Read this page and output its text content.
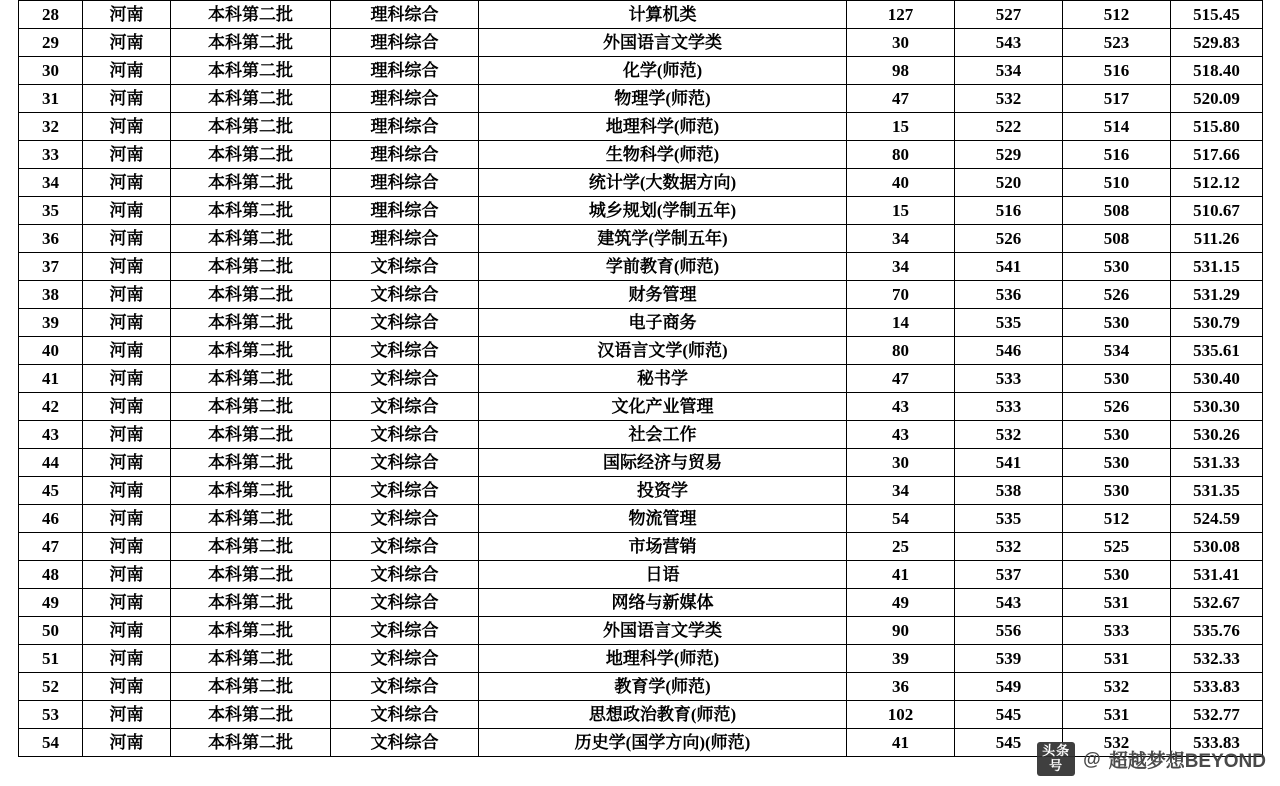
28	河南	本科第二批	理科综合	计算机类	127	527	512	515.45
29	河南	本科第二批	理科综合	外国语言文学类	30	543	523	529.83
30	河南	本科第二批	理科综合	化学(师范)	98	534	516	518.40
31	河南	本科第二批	理科综合	物理学(师范)	47	532	517	520.09
32	河南	本科第二批	理科综合	地理科学(师范)	15	522	514	515.80
33	河南	本科第二批	理科综合	生物科学(师范)	80	529	516	517.66
34	河南	本科第二批	理科综合	统计学(大数据方向)	40	520	510	512.12
35	河南	本科第二批	理科综合	城乡规划(学制五年)	15	516	508	510.67
36	河南	本科第二批	理科综合	建筑学(学制五年)	34	526	508	511.26
37	河南	本科第二批	文科综合	学前教育(师范)	34	541	530	531.15
38	河南	本科第二批	文科综合	财务管理	70	536	526	531.29
39	河南	本科第二批	文科综合	电子商务	14	535	530	530.79
40	河南	本科第二批	文科综合	汉语言文学(师范)	80	546	534	535.61
41	河南	本科第二批	文科综合	秘书学	47	533	530	530.40
42	河南	本科第二批	文科综合	文化产业管理	43	533	526	530.30
43	河南	本科第二批	文科综合	社会工作	43	532	530	530.26
44	河南	本科第二批	文科综合	国际经济与贸易	30	541	530	531.33
45	河南	本科第二批	文科综合	投资学	34	538	530	531.35
46	河南	本科第二批	文科综合	物流管理	54	535	512	524.59
47	河南	本科第二批	文科综合	市场营销	25	532	525	530.08
48	河南	本科第二批	文科综合	日语	41	537	530	531.41
49	河南	本科第二批	文科综合	网络与新媒体	49	543	531	532.67
50	河南	本科第二批	文科综合	外国语言文学类	90	556	533	535.76
51	河南	本科第二批	文科综合	地理科学(师范)	39	539	531	532.33
52	河南	本科第二批	文科综合	教育学(师范)	36	549	532	533.83
53	河南	本科第二批	文科综合	思想政治教育(师范)	102	545	531	532.77
54	河南	本科第二批	文科综合	历史学(国学方向)(师范)	41	545	532	533.83
头条
号	@ 超越梦想BEYOND
